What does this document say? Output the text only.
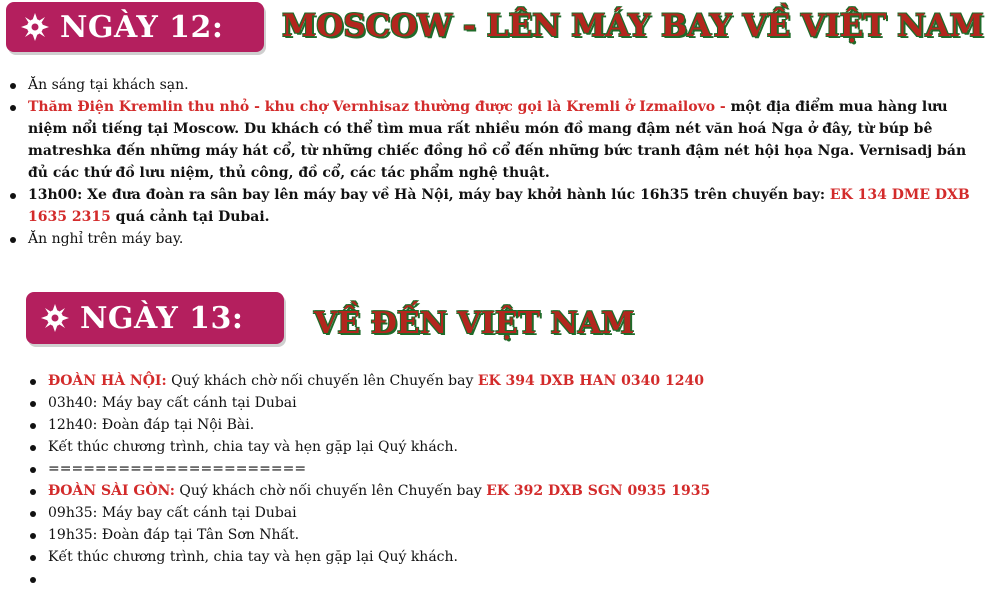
NGÀY 12: MOSCOW - LÊN MÁY BAY VỀ VIỆT NAM
Ăn sáng tại khách sạn.
Thăm Điện Kremlin thu nhỏ - khu chợ Vernhisaz thường được gọi là Kremli ở Izmailovo - một địa điểm mua hàng lưu niệm nổi tiếng tại Moscow. Du khách có thể tìm mua rất nhiều món đồ mang đậm nét văn hoá Nga ở đây, từ búp bê matreshka đến những máy hát cổ, từ những chiếc đồng hồ cổ đến những bức tranh đậm nét hội họa Nga. Vernisadj bán đủ các thứ đồ lưu niệm, thủ công, đồ cổ, các tác phẩm nghệ thuật.
13h00: Xe đưa đoàn ra sân bay lên máy bay về Hà Nội, máy bay khởi hành lúc 16h35 trên chuyến bay: EK 134 DME DXB 1635 2315 quá cảnh tại Dubai.
Ăn nghỉ trên máy bay.
NGÀY 13: VỀ ĐẾN VIỆT NAM
ĐOÀN HÀ NỘI: Quý khách chờ nối chuyến lên Chuyến bay EK 394 DXB HAN 0340 1240
03h40: Máy bay cất cánh tại Dubai
12h40: Đoàn đáp tại Nội Bài.
Kết thúc chương trình, chia tay và hẹn gặp lại Quý khách.
======================
ĐOÀN SÀI GÒN: Quý khách chờ nối chuyến lên Chuyến bay EK 392 DXB SGN 0935 1935
09h35: Máy bay cất cánh tại Dubai
19h35: Đoàn đáp tại Tân Sơn Nhất.
Kết thúc chương trình, chia tay và hẹn gặp lại Quý khách.
